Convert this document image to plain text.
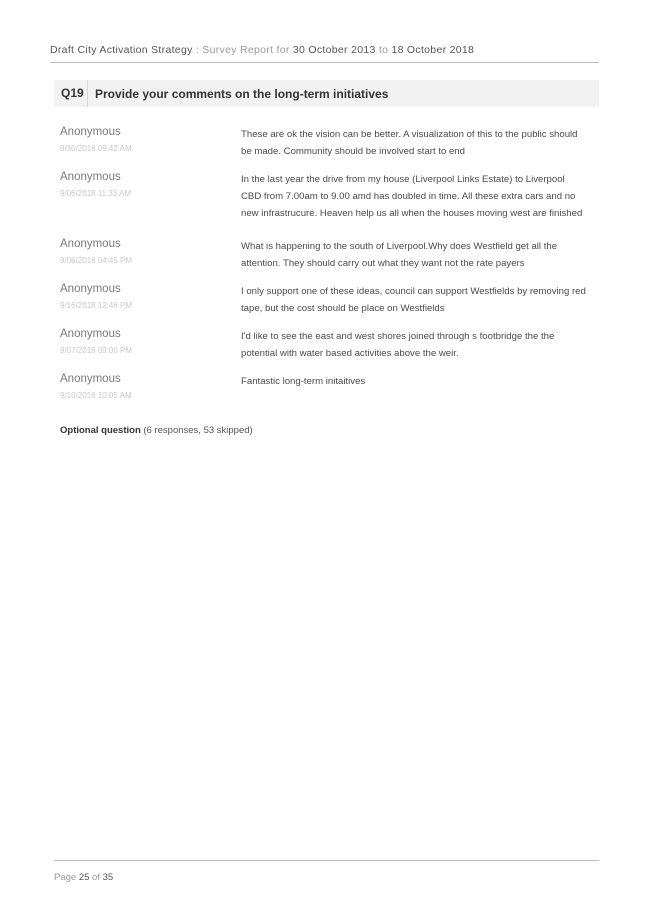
Draft City Activation Strategy : Survey Report for 30 October 2013 to 18 October 2018
Q19 Provide your comments on the long-term initiatives
Anonymous
8/30/2018 09:42 AM
These are ok the vision can be better. A visualization of this to the public should be made. Community should be involved start to end
Anonymous
9/06/2018 11:33 AM
In the last year the drive from my house (Liverpool Links Estate) to Liverpool CBD from 7.00am to 9.00 amd has doubled in time. All these extra cars and no new infrastrucure. Heaven help us all when the houses moving west are finished
Anonymous
9/06/2018 04:45 PM
What is happening to the south of Liverpool.Why does Westfield get all the attention. They should carry out what they want not the rate payers
Anonymous
9/16/2018 12:46 PM
I only support one of these ideas, council can support Westfields by removing red tape, but the cost should be place on Westfields
Anonymous
9/07/2018 09:00 PM
I'd like to see the east and west shores joined through s footbridge the the potential with water based activities above the weir.
Anonymous
9/10/2018 10:05 AM
Fantastic long-term initaitives
Optional question (6 responses, 53 skipped)
Page 25 of 35
